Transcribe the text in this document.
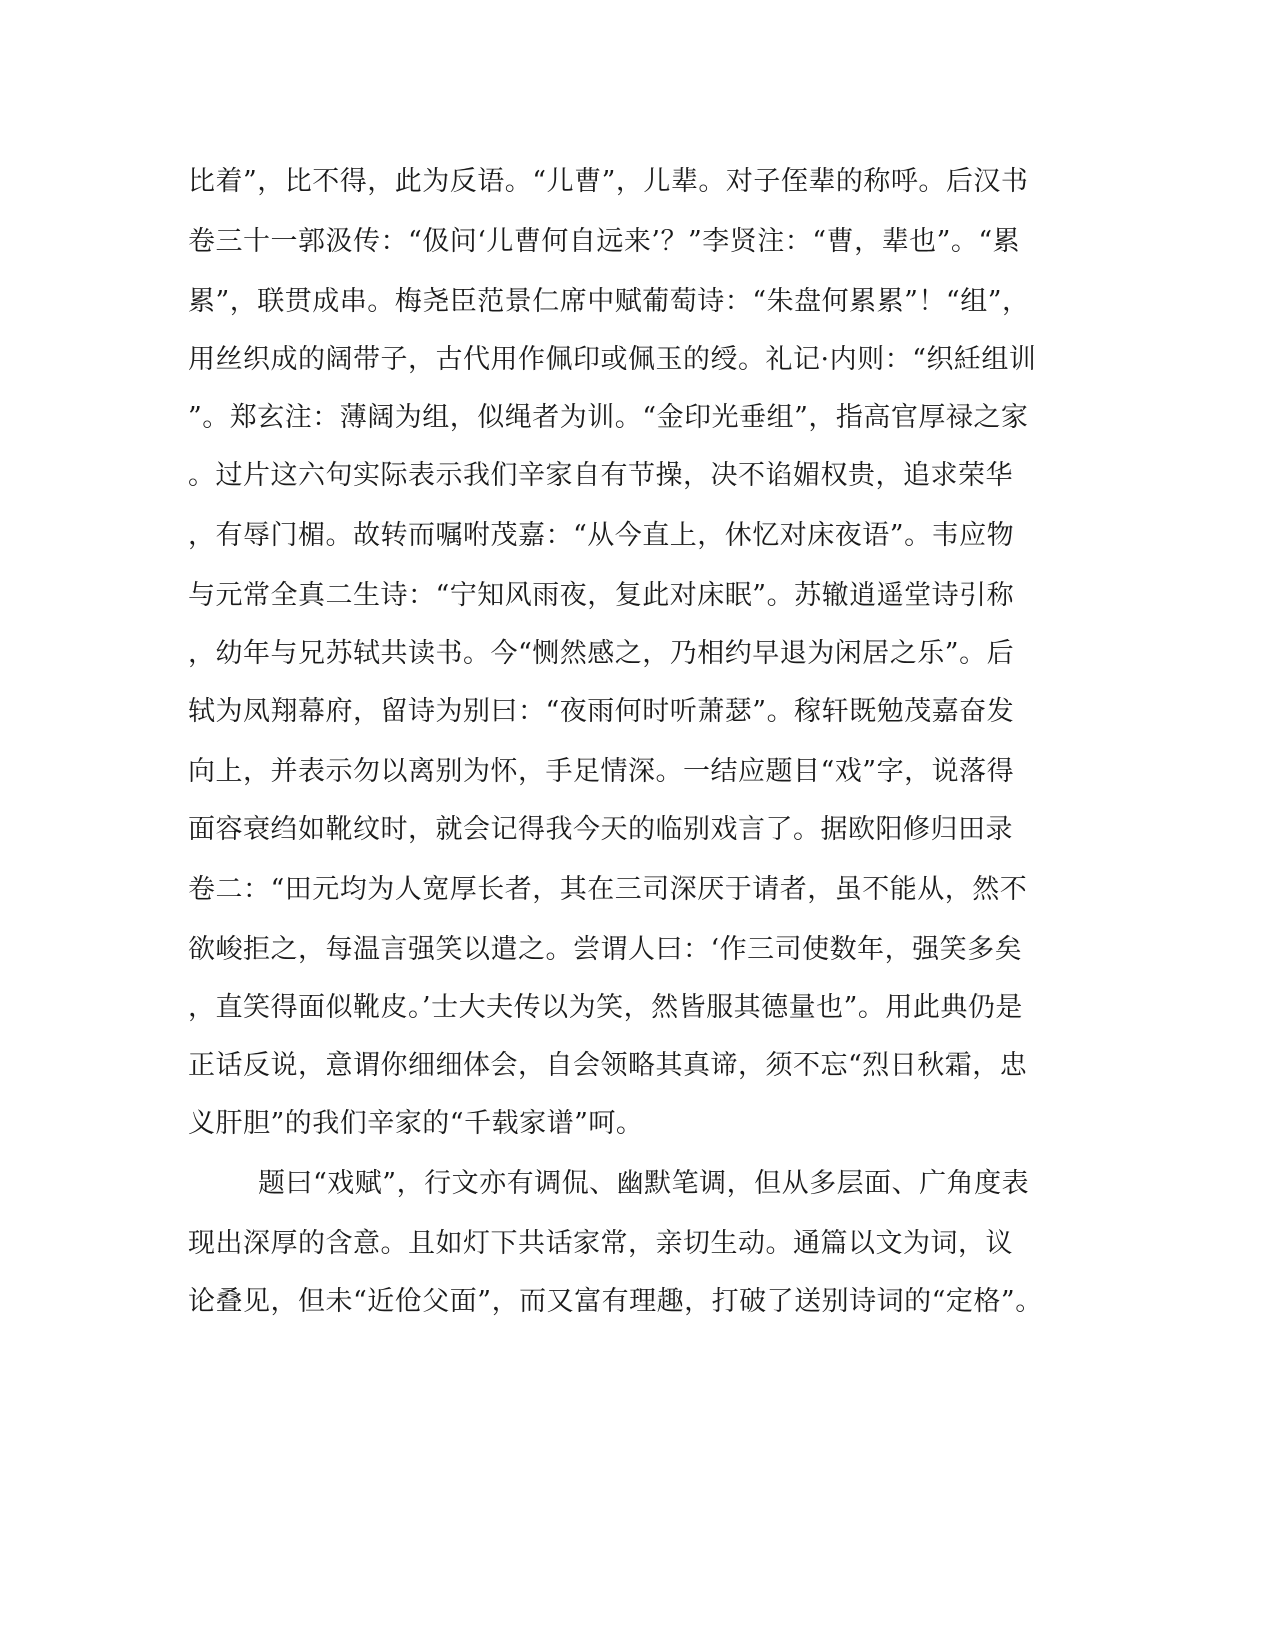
比着”，比不得，此为反语。“儿曹”，儿辈。对子侄辈的称呼。后汉书
卷三十一郭汲传：“伋问‘儿曹何自远来’？”李贤注：“曹，辈也”。“累
累”，联贯成串。梅尧臣范景仁席中赋葡萄诗：“朱盘何累累”！“组”，
用丝织成的阔带子，古代用作佩印或佩玉的绶。礼记·内则：“织紝组训
”。郑玄注：薄阔为组，似绳者为训。“金印光垂组”，指高官厚禄之家
。过片这六句实际表示我们辛家自有节操，决不谄媚权贵，追求荣华
，有辱门楣。故转而嘱咐茂嘉：“从今直上，休忆对床夜语”。韦应物
与元常全真二生诗：“宁知风雨夜，复此对床眠”。苏辙逍遥堂诗引称
，幼年与兄苏轼共读书。今“恻然感之，乃相约早退为闲居之乐”。后
轼为凤翔幕府，留诗为别曰：“夜雨何时听萧瑟”。稼轩既勉茂嘉奋发
向上，并表示勿以离别为怀，手足情深。一结应题目“戏”字，说落得
面容衰绉如靴纹时，就会记得我今天的临别戏言了。据欧阳修归田录
卷二：“田元均为人宽厚长者，其在三司深厌于请者，虽不能从，然不
欲峻拒之，每温言强笑以遣之。尝谓人曰：‘作三司使数年，强笑多矣
，直笑得面似靴皮。’士大夫传以为笑，然皆服其德量也”。用此典仍是
正话反说，意谓你细细体会，自会领略其真谛，须不忘“烈日秋霜，忠
义肝胆”的我们辛家的“千载家谱”呵。
题曰“戏赋”，行文亦有调侃、幽默笔调，但从多层面、广角度表
现出深厚的含意。且如灯下共话家常，亲切生动。通篇以文为词，议
论叠见，但未“近伧父面”，而又富有理趣，打破了送别诗词的“定格”。
